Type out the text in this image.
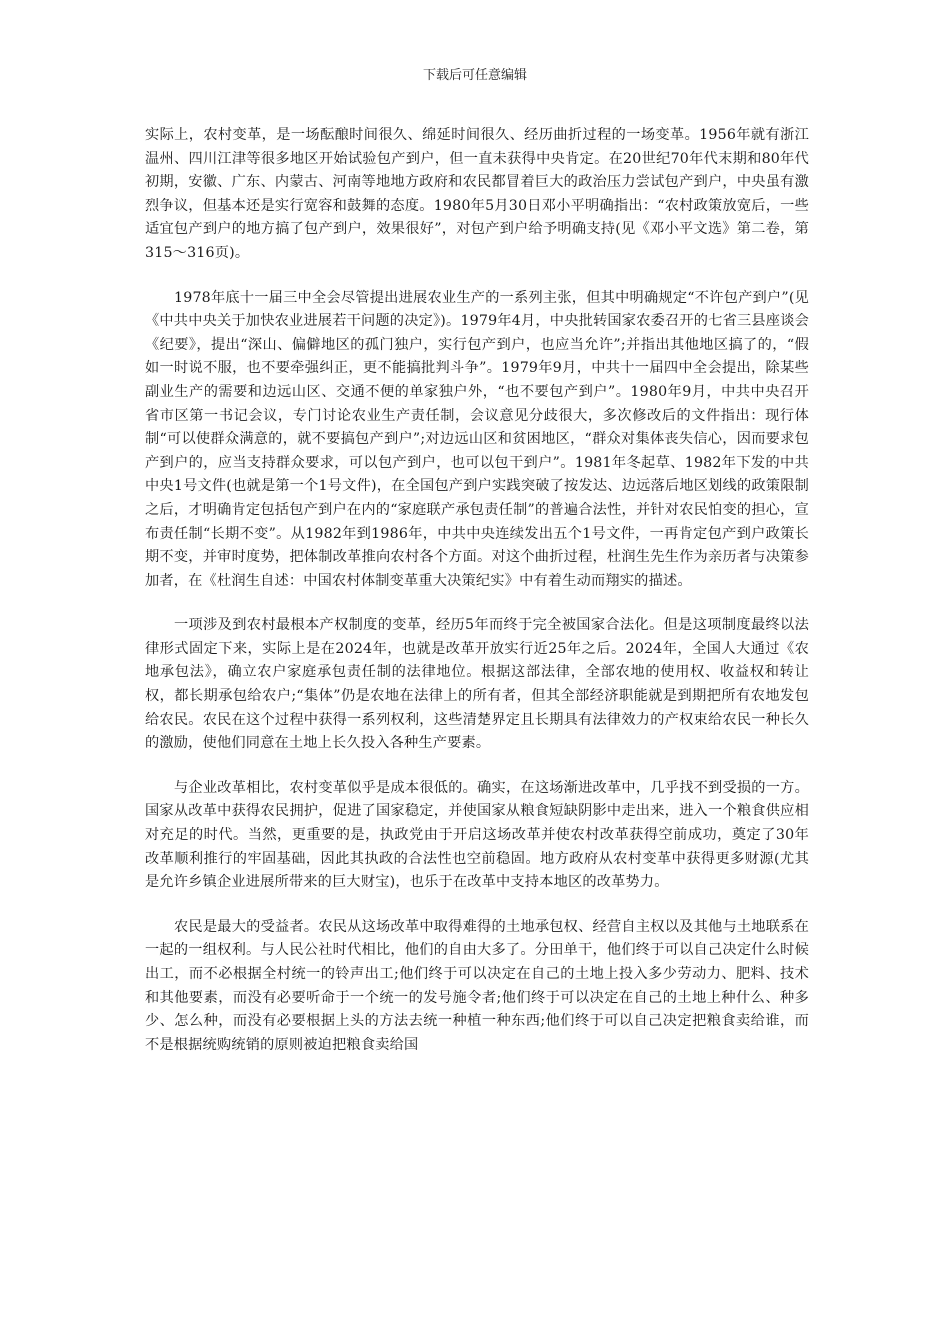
下载后可任意编辑

实际上，农村变革，是一场酝酿时间很久、绵延时间很久、经历曲折过程的一场变革。1956年就有浙江温州、四川江津等很多地区开始试验包产到户，但一直未获得中央肯定。在20世纪70年代末期和80年代初期，安徽、广东、内蒙古、河南等地地方政府和农民都冒着巨大的政治压力尝试包产到户，中央虽有激烈争议，但基本还是实行宽容和鼓舞的态度。1980年5月30日邓小平明确指出：“农村政策放宽后，一些适宜包产到户的地方搞了包产到户，效果很好”，对包产到户给予明确支持(见《邓小平文选》第二卷，第315～316页)。

1978年底十一届三中全会尽管提出进展农业生产的一系列主张，但其中明确规定“不许包产到户”(见《中共中央关于加快农业进展若干问题的决定》)。1979年4月，中央批转国家农委召开的七省三县座谈会《纪要》，提出“深山、偏僻地区的孤门独户，实行包产到户，也应当允许”;并指出其他地区搞了的，“假如一时说不服，也不要牵强纠正，更不能搞批判斗争”。1979年9月，中共十一届四中全会提出，除某些副业生产的需要和边远山区、交通不便的单家独户外，“也不要包产到户”。1980年9月，中共中央召开省市区第一书记会议，专门讨论农业生产责任制，会议意见分歧很大，多次修改后的文件指出：现行体制“可以使群众满意的，就不要搞包产到户”;对边远山区和贫困地区，“群众对集体丧失信心，因而要求包产到户的，应当支持群众要求，可以包产到户，也可以包干到户”。1981年冬起草、1982年下发的中共中央1号文件(也就是第一个1号文件)，在全国包产到户实践突破了按发达、边远落后地区划线的政策限制之后，才明确肯定包括包产到户在内的“家庭联产承包责任制”的普遍合法性，并针对农民怕变的担心，宣布责任制“长期不变”。从1982年到1986年，中共中央连续发出五个1号文件，一再肯定包产到户政策长期不变，并审时度势，把体制改革推向农村各个方面。对这个曲折过程，杜润生先生作为亲历者与决策参加者，在《杜润生自述：中国农村体制变革重大决策纪实》中有着生动而翔实的描述。

一项涉及到农村最根本产权制度的变革，经历5年而终于完全被国家合法化。但是这项制度最终以法律形式固定下来，实际上是在2024年，也就是改革开放实行近25年之后。2024年，全国人大通过《农地承包法》，确立农户家庭承包责任制的法律地位。根据这部法律，全部农地的使用权、收益权和转让权，都长期承包给农户;“集体”仍是农地在法律上的所有者，但其全部经济职能就是到期把所有农地发包给农民。农民在这个过程中获得一系列权利，这些清楚界定且长期具有法律效力的产权束给农民一种长久的激励，使他们同意在土地上长久投入各种生产要素。

与企业改革相比，农村变革似乎是成本很低的。确实，在这场渐进改革中，几乎找不到受损的一方。国家从改革中获得农民拥护，促进了国家稳定，并使国家从粮食短缺阴影中走出来，进入一个粮食供应相对充足的时代。当然，更重要的是，执政党由于开启这场改革并使农村改革获得空前成功，奠定了30年改革顺利推行的牢固基础，因此其执政的合法性也空前稳固。地方政府从农村变革中获得更多财源(尤其是允许乡镇企业进展所带来的巨大财宝)，也乐于在改革中支持本地区的改革势力。

农民是最大的受益者。农民从这场改革中取得难得的土地承包权、经营自主权以及其他与土地联系在一起的一组权利。与人民公社时代相比，他们的自由大多了。分田单干，他们终于可以自己决定什么时候出工，而不必根据全村统一的铃声出工;他们终于可以决定在自己的土地上投入多少劳动力、肥料、技术和其他要素，而没有必要听命于一个统一的发号施令者;他们终于可以决定在自己的土地上种什么、种多少、怎么种，而没有必要根据上头的方法去统一种植一种东西;他们终于可以自己决定把粮食卖给谁，而不是根据统购统销的原则被迫把粮食卖给国
